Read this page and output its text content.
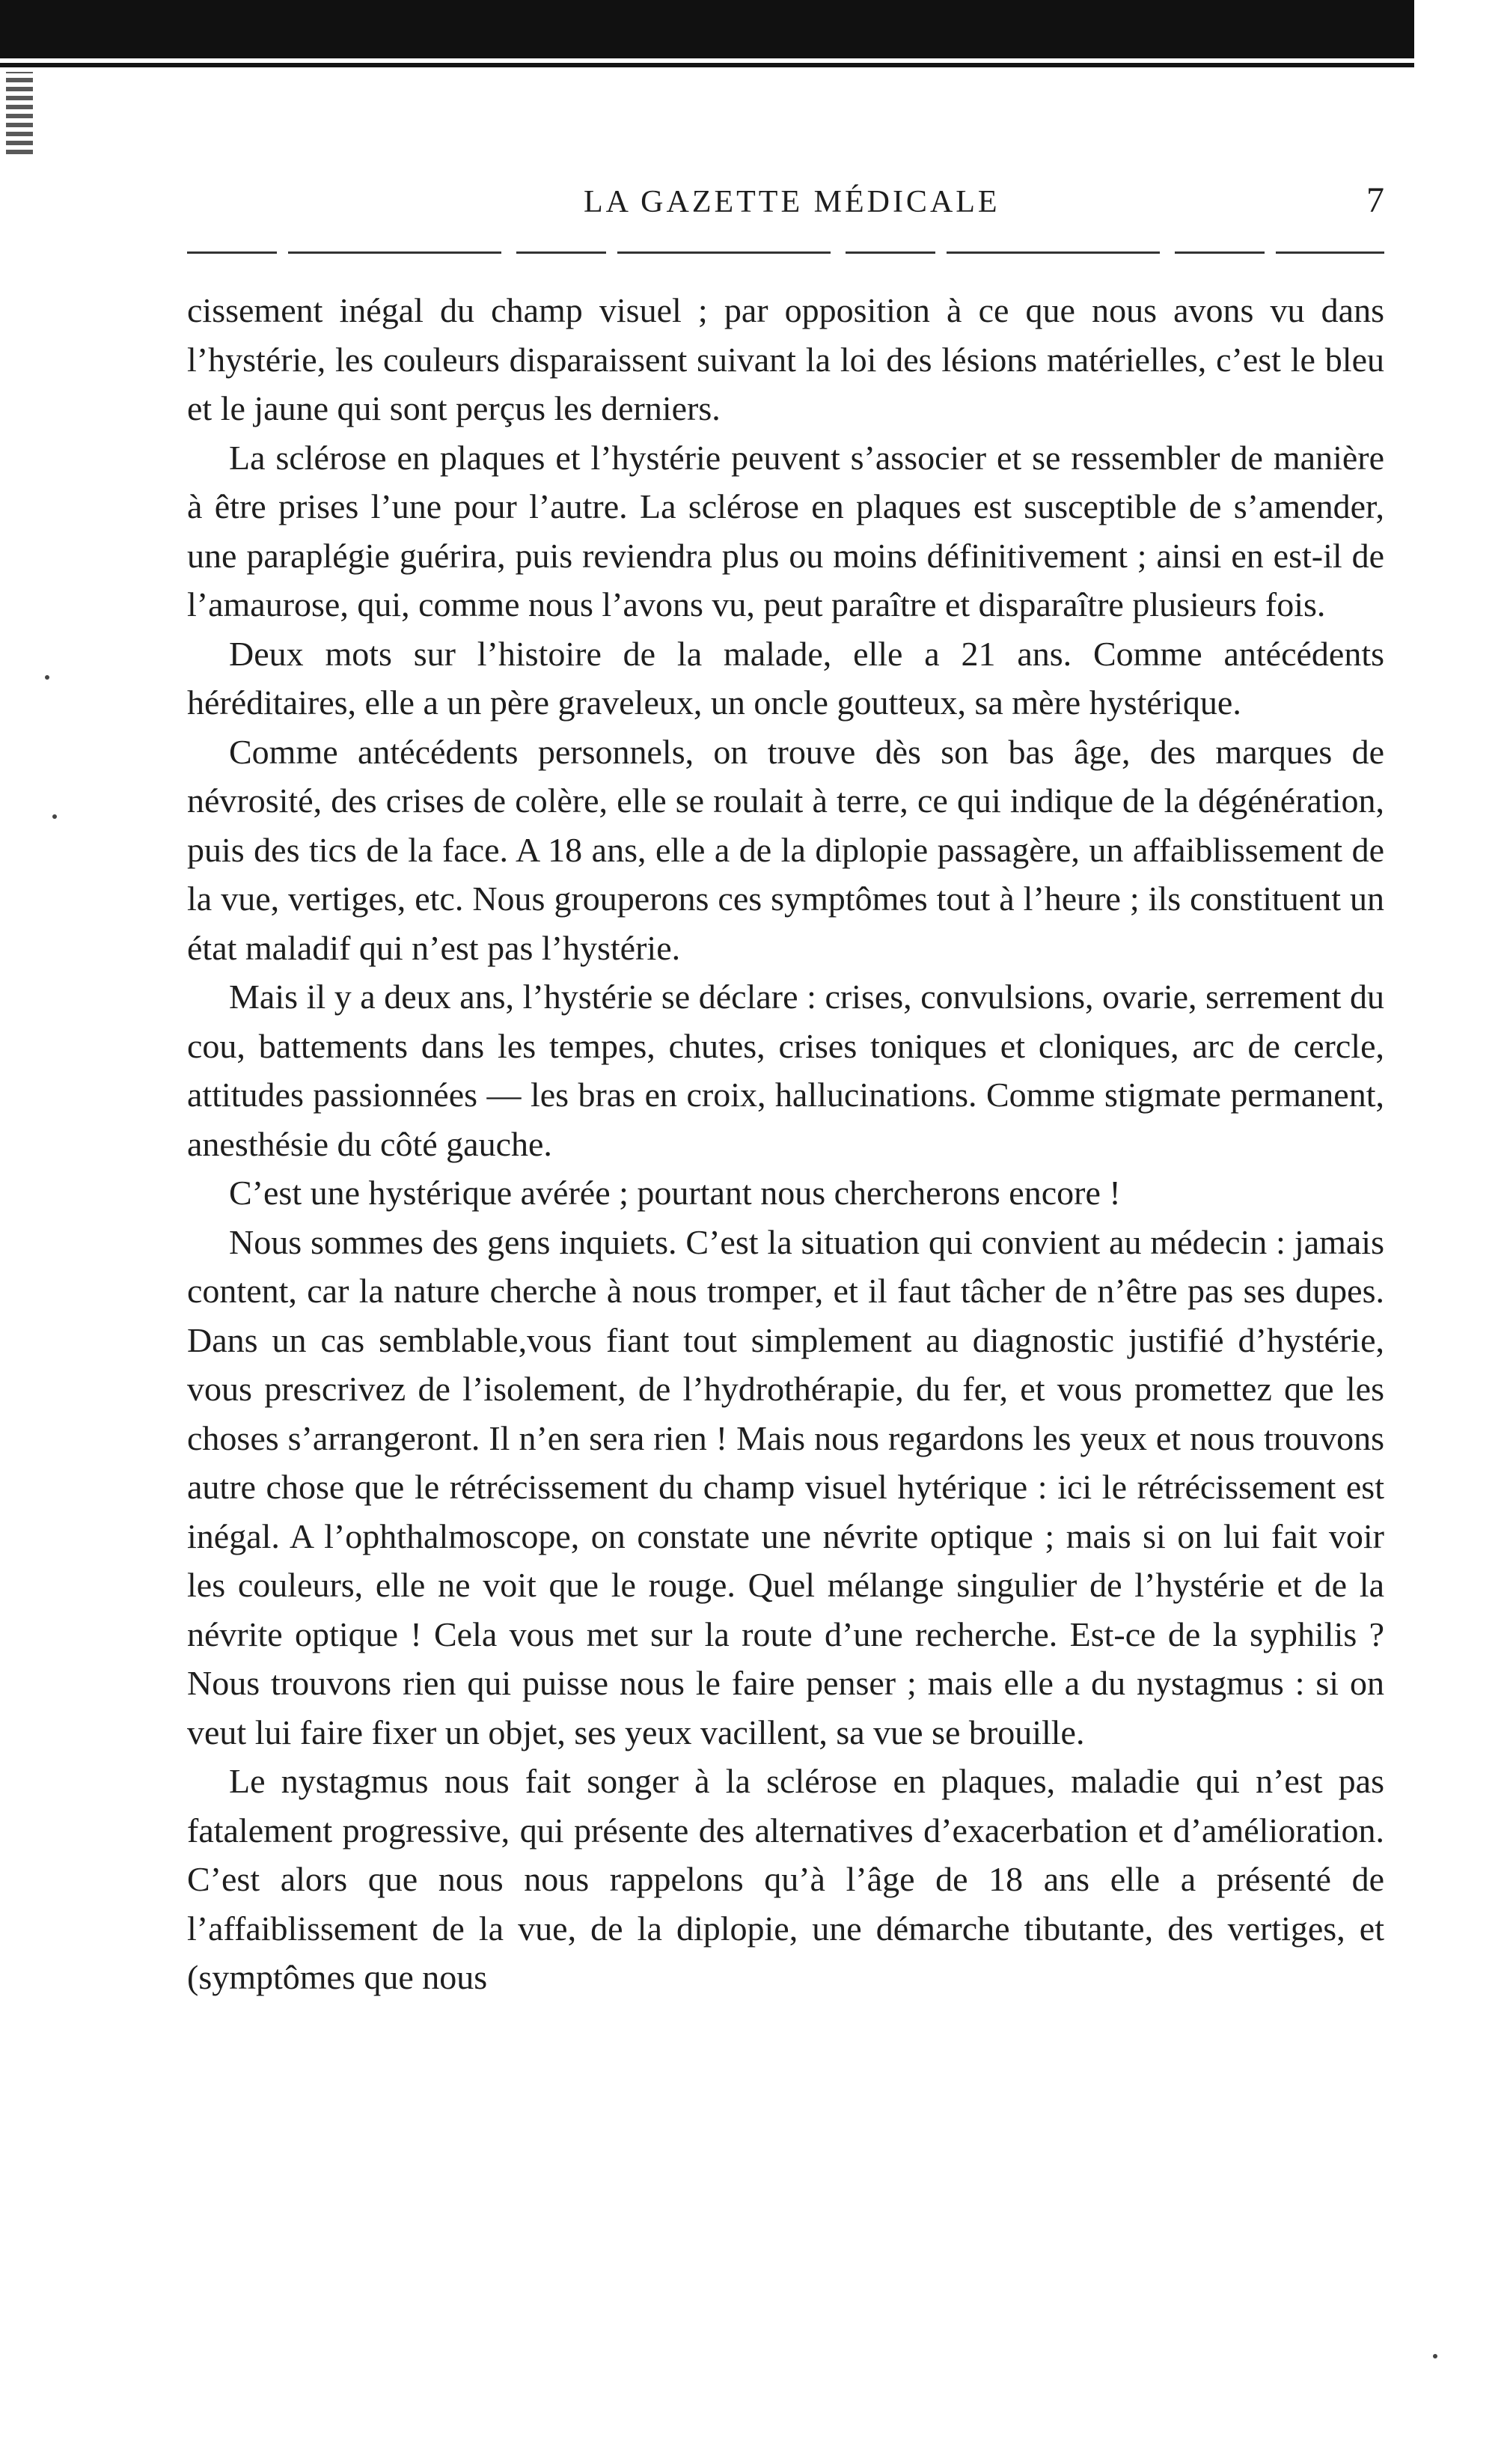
LA GAZETTE MÉDICALE	7

cissement inégal du champ visuel ; par opposition à ce que nous avons vu dans l’hystérie, les couleurs disparaissent suivant la loi des lésions matérielles, c’est le bleu et le jaune qui sont perçus les derniers.

La sclérose en plaques et l’hystérie peuvent s’associer et se ressembler de manière à être prises l’une pour l’autre. La sclérose en plaques est susceptible de s’amender, une paraplégie guérira, puis reviendra plus ou moins définitivement ; ainsi en est-il de l’amaurose, qui, comme nous l’avons vu, peut paraître et disparaître plusieurs fois.

Deux mots sur l’histoire de la malade, elle a 21 ans. Comme antécédents héréditaires, elle a un père graveleux, un oncle goutteux, sa mère hystérique.

Comme antécédents personnels, on trouve dès son bas âge, des marques de névrosité, des crises de colère, elle se roulait à terre, ce qui indique de la dégénération, puis des tics de la face. A 18 ans, elle a de la diplopie passagère, un affaiblissement de la vue, vertiges, etc. Nous grouperons ces symptômes tout à l’heure ; ils constituent un état maladif qui n’est pas l’hystérie.

Mais il y a deux ans, l’hystérie se déclare : crises, convulsions, ovarie, serrement du cou, battements dans les tempes, chutes, crises toniques et cloniques, arc de cercle, attitudes passionnées — les bras en croix, hallucinations. Comme stigmate permanent, anesthésie du côté gauche.

C’est une hystérique avérée ; pourtant nous chercherons encore !

Nous sommes des gens inquiets. C’est la situation qui convient au médecin : jamais content, car la nature cherche à nous tromper, et il faut tâcher de n’être pas ses dupes. Dans un cas semblable,vous fiant tout simplement au diagnostic justifié d’hystérie, vous prescrivez de l’isolement, de l’hydrothérapie, du fer, et vous promettez que les choses s’arrangeront. Il n’en sera rien ! Mais nous regardons les yeux et nous trouvons autre chose que le rétrécissement du champ visuel hytérique : ici le rétrécissement est inégal. A l’ophthalmoscope, on constate une névrite optique ; mais si on lui fait voir les couleurs, elle ne voit que le rouge. Quel mélange singulier de l’hystérie et de la névrite optique ! Cela vous met sur la route d’une recherche. Est-ce de la syphilis ? Nous trouvons rien qui puisse nous le faire penser ; mais elle a du nystagmus : si on veut lui faire fixer un objet, ses yeux vacillent, sa vue se brouille.

Le nystagmus nous fait songer à la sclérose en plaques, maladie qui n’est pas fatalement progressive, qui présente des alternatives d’exacerbation et d’amélioration. C’est alors que nous nous rappelons qu’à l’âge de 18 ans elle a présenté de l’affaiblissement de la vue, de la diplopie, une démarche tibutante, des vertiges, et (symptômes que nous
